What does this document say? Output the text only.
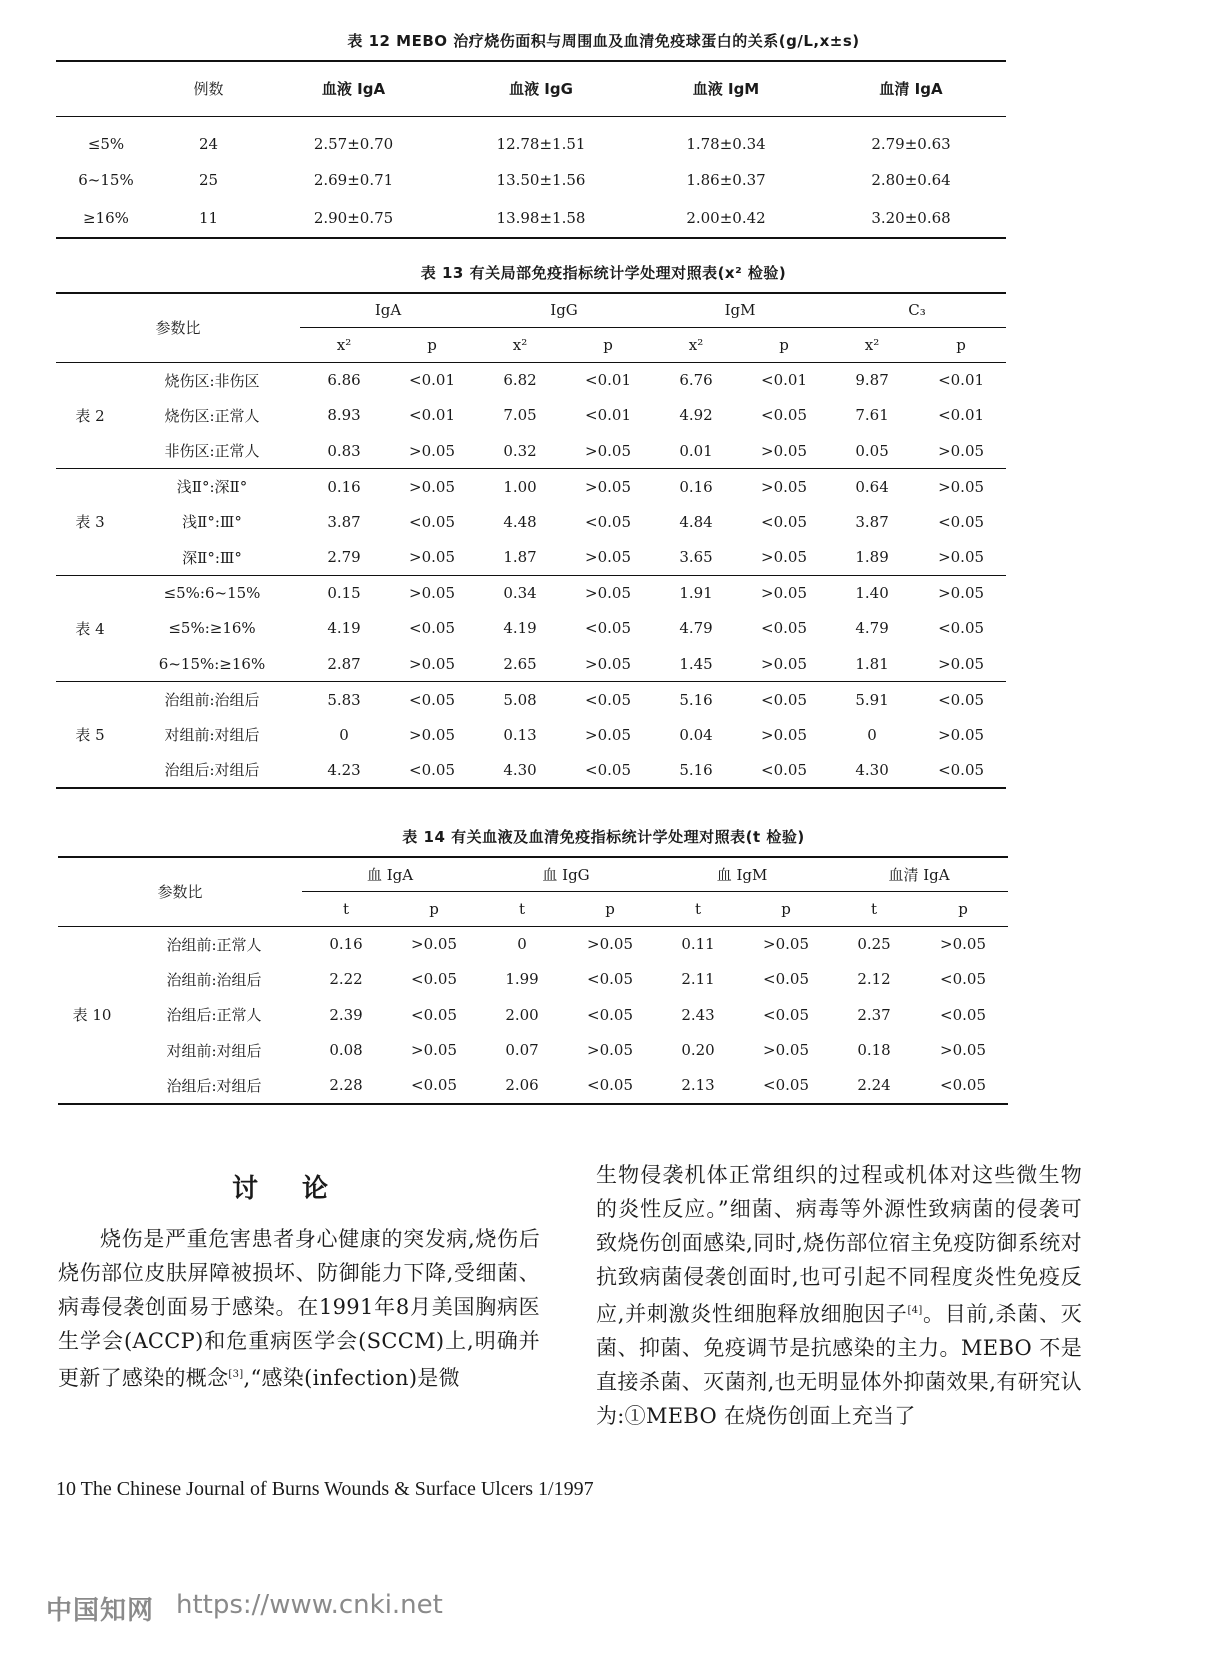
表 12 MEBO 治疗烧伤面积与周围血及血清免疫球蛋白的关系(g/L,x±s)
	例数	血液 IgA	血液 IgG	血液 IgM	血清 IgA
≤5%	24	2.57±0.70	12.78±1.51	1.78±0.34	2.79±0.63
6~15%	25	2.69±0.71	13.50±1.56	1.86±0.37	2.80±0.64
≥16%	11	2.90±0.75	13.98±1.58	2.00±0.42	3.20±0.68
表 13 有关局部免疫指标统计学处理对照表(x² 检验)
参数比		IgA		IgG		IgM		C₃	
		x²	p	x²	p	x²	p	x²	p
表 2	烧伤区:非伤区	6.86	<0.01	6.82	<0.01	6.76	<0.01	9.87	<0.01
	烧伤区:正常人	8.93	<0.01	7.05	<0.01	4.92	<0.05	7.61	<0.01
	非伤区:正常人	0.83	>0.05	0.32	>0.05	0.01	>0.05	0.05	>0.05
表 3	浅Ⅱ°:深Ⅱ°	0.16	>0.05	1.00	>0.05	0.16	>0.05	0.64	>0.05
	浅Ⅱ°:Ⅲ°	3.87	<0.05	4.48	<0.05	4.84	<0.05	3.87	<0.05
	深Ⅱ°:Ⅲ°	2.79	>0.05	1.87	>0.05	3.65	>0.05	1.89	>0.05
表 4	≤5%:6~15%	0.15	>0.05	0.34	>0.05	1.91	>0.05	1.40	>0.05
	≤5%:≥16%	4.19	<0.05	4.19	<0.05	4.79	<0.05	4.79	<0.05
	6~15%:≥16%	2.87	>0.05	2.65	>0.05	1.45	>0.05	1.81	>0.05
表 5	治组前:治组后	5.83	<0.05	5.08	<0.05	5.16	<0.05	5.91	<0.05
	对组前:对组后	0	>0.05	0.13	>0.05	0.04	>0.05	0	>0.05
	治组后:对组后	4.23	<0.05	4.30	<0.05	5.16	<0.05	4.30	<0.05
表 14 有关血液及血清免疫指标统计学处理对照表(t 检验)
参数比		血 IgA		血 IgG		血 IgM		血清 IgA	
		t	p	t	p	t	p	t	p
表 10	治组前:正常人	0.16	>0.05	0	>0.05	0.11	>0.05	0.25	>0.05
	治组前:治组后	2.22	<0.05	1.99	<0.05	2.11	<0.05	2.12	<0.05
	治组后:正常人	2.39	<0.05	2.00	<0.05	2.43	<0.05	2.37	<0.05
	对组前:对组后	0.08	>0.05	0.07	>0.05	0.20	>0.05	0.18	>0.05
	治组后:对组后	2.28	<0.05	2.06	<0.05	2.13	<0.05	2.24	<0.05
讨论
烧伤是严重危害患者身心健康的突发病,烧伤后烧伤部位皮肤屏障被损坏、防御能力下降,受细菌、病毒侵袭创面易于感染。在1991年8月美国胸病医生学会(ACCP)和危重病医学会(SCCM)上,明确并更新了感染的概念[3],“感染(infection)是微
生物侵袭机体正常组织的过程或机体对这些微生物的炎性反应。”细菌、病毒等外源性致病菌的侵袭可致烧伤创面感染,同时,烧伤部位宿主免疫防御系统对抗致病菌侵袭创面时,也可引起不同程度炎性免疫反应,并刺激炎性细胞释放细胞因子[4]。目前,杀菌、灭菌、抑菌、免疫调节是抗感染的主力。MEBO 不是直接杀菌、灭菌剂,也无明显体外抑菌效果,有研究认为:①MEBO 在烧伤创面上充当了
10 The Chinese Journal of Burns Wounds & Surface Ulcers 1/1997
中国知网 https://www.cnki.net
